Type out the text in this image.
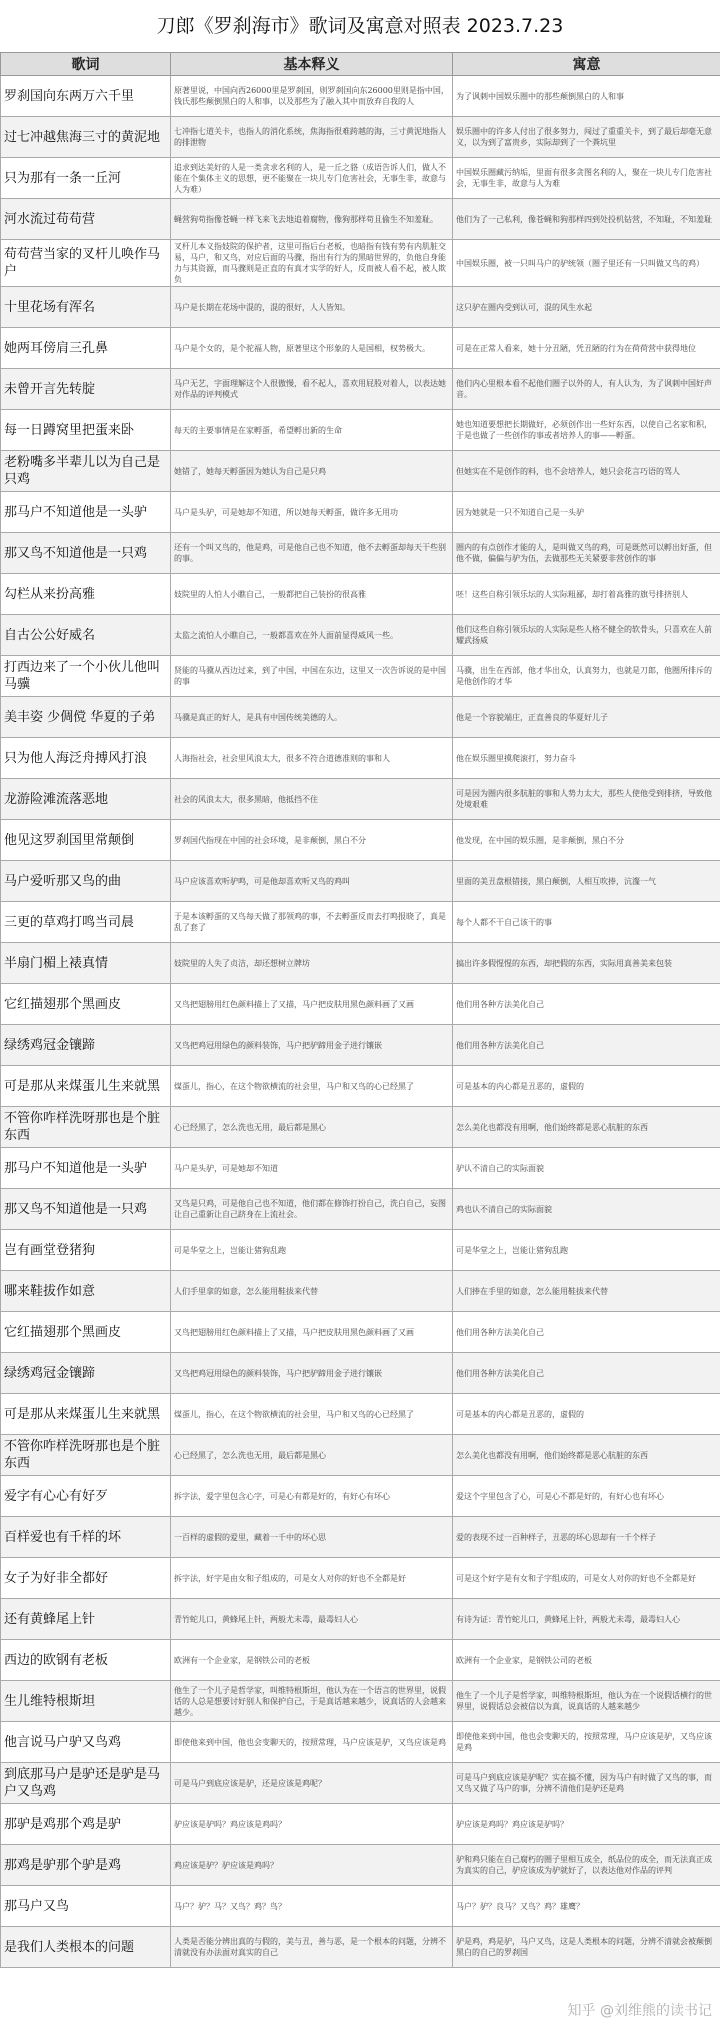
刀郎《罗刹海市》歌词及寓意对照表 2023.7.23
歌词	基本释义	寓意
罗刹国向东两万六千里	原著里说，中国向西26000里是罗刹国，则罗刹国向东26000里则是指中国，钱氏那些颠倒黑白的人和事，以及那些为了融入其中而放弃自我的人	为了讽刺中国娱乐圈中的那些颠倒黑白的人和事
过七冲越焦海三寸的黄泥地	七冲指七道关卡，也指人的消化系统，焦海指很难跨越的海，三寸黄泥地指人的排泄物	娱乐圈中的许多人付出了很多努力，闯过了重重关卡，到了最后却毫无意义，以为到了富贵乡，实际却到了一个粪坑里
只为那有一条一丘河	追求到达美好的人是一类贪求名利的人，是一丘之貉（成语告诉人们，做人不能在个集体主义的思想，更不能聚在一块儿专门危害社会，无事生非，故意与人为难）	中国娱乐圈藏污纳垢，里面有很多贪图名利的人，聚在一块儿专门危害社会，无事生非，故意与人为难
河水流过苟苟营	蝇营狗苟指像苍蝇一样飞来飞去地追着腐物，像狗那样苟且偷生不知羞耻。	他们为了一己私利，像苍蝇和狗那样四到处投机钻营，不知耻，不知羞耻
苟苟营当家的叉杆儿唤作马户	叉杆儿本义指妓院的保护者，这里可指后台老板，也暗指有钱有势有内肌脏交易，马户，和又鸟，对应后面的马骤，指出有行为的黑暗世界的，负他自身能力与其资源，而马骤则是正直的有真才实学的好人，反而被人看不起，被人欺负	中国娱乐圈，被一只叫马户的驴统领（圈子里还有一只叫做又鸟的鸡）
十里花场有浑名	马户是长期在花场中混的，混的很好，人人皆知。	这只驴在圈内受到认可，混的风生水起
她两耳傍肩三孔鼻	马户是个女的，是个驼福人物，原著里这个形象的人是国相，权势极大。	可是在正常人看来，她十分丑陋，凭丑陋的行为在荷荷营中获得地位
未曾开言先转腚	马户无艺，字面理解这个人很傲慢，看不起人，喜欢用屁股对着人，以表达她对作品的评判模式	他们内心里根本看不起他们圈子以外的人，有人认为，为了讽刺中国好声音。
每一日蹲窝里把蛋来卧	每天的主要事情是在家孵蛋，希望孵出新的生命	她也知道要想把长期做好，必须创作出一些好东西，以使自己名家和积，于是也做了一些创作的事或者培养人的事——孵蛋。
老粉嘴多半辈儿以为自己是只鸡	她错了，她每天孵蛋因为她认为自己是只鸡	但她实在不是创作的料，也不会培养人，她只会花言巧语的骂人
那马户不知道他是一头驴	马户是头驴，可是她却不知道，所以她每天孵蛋，做许多无用功	因为她就是一只不知道自己是一头驴
那又鸟不知道他是一只鸡	还有一个叫又鸟的，他是鸡，可是他自己也不知道，他不去孵蛋却每天干些别的事。	圈内的有点创作才能的人，是叫做又鸟的鸡，可是既然可以孵出好蛋，但他不做，偏偏与驴为伍，去做那些无关紧要非营创作的事
勾栏从来扮高雅	妓院里的人怕人小瞧自己，一般都把自己装扮的很高雅	呸！这些自称引领乐坛的人实际粗鄙，却打着高雅的旗号排挤别人
自古公公好威名	太监之流怕人小瞧自己，一般都喜欢在外人面前显得威风一些。	他们这些自称引领乐坛的人实际是些人格不健全的软骨头，只喜欢在人前耀武扬威
打西边来了一个小伙儿他叫马骥	贤能的马骥从西边过来，到了中国，中国在东边，这里又一次告诉说的是中国的事	马骥，出生在西部，他才华出众，认真努力，也就是刀郎，他圈所排斥的是他创作的才华
美丰姿 少倜傥 华夏的子弟	马骥是真正的好人，是具有中国传统美德的人。	他是一个容貌端庄，正直善良的华夏好儿子
只为他人海泛舟搏风打浪	人海指社会，社会里风浪太大，很多不符合道德准则的事和人	他在娱乐圈里摸爬滚打，努力奋斗
龙游险滩流落恶地	社会的风浪太大，很多黑暗，他抵挡不住	可是因为圈内很多肮脏的事和人势力太大，那些人使他受到排挤，导致他处境艰难
他见这罗刹国里常颠倒	罗刹国代指现在中国的社会环境，是非颠倒，黑白不分	他发现，在中国的娱乐圈，是非颠倒，黑白不分
马户爱听那又鸟的曲	马户应该喜欢听驴鸣，可是他却喜欢听又鸟的鸡叫	里面的美丑盘根错接，黑白颠倒，人相互吹捧，沆瀣一气
三更的草鸡打鸣当司晨	于是本该孵蛋的又鸟每天做了那领鸡的事，不去孵蛋反而去打鸣报晓了，真是乱了套了	每个人都不干自己该干的事
半扇门楣上裱真情	妓院里的人失了贞洁，却还想树立牌坊	搞出许多假惺惺的东西，却把假的东西，实际用真善美来包装
它红描翅那个黑画皮	又鸟把翅膀用红色颜料描上了又描，马户把皮肤用黑色颜料画了又画	他们用各种方法美化自己
绿绣鸡冠金镶蹄	又鸟把鸡冠用绿色的颜料装饰，马户把驴蹄用金子进行镶嵌	他们用各种方法美化自己
可是那从来煤蛋儿生来就黑	煤蛋儿，指心，在这个物欲横流的社会里，马户和又鸟的心已经黑了	可是基本的内心都是丑恶的，虚假的
不管你咋样洗呀那也是个脏东西	心已经黑了，怎么洗也无用，最后都是黑心	怎么美化也都没有用啊，他们始终都是恶心肮脏的东西
那马户不知道他是一头驴	马户是头驴，可是她却不知道	驴认不清自己的实际面貌
那又鸟不知道他是一只鸡	又鸟是只鸡，可是他自己也不知道，他们都在修饰打扮自己，洗白自己，妄图让自己重新让自己跻身在上流社会。	鸡也认不清自己的实际面貌
岂有画堂登猪狗	可是华堂之上，岂能让猪狗乱跑	可是华堂之上，岂能让猪狗乱跑
哪来鞋拔作如意	人们手里拿的如意，怎么能用鞋拔来代替	人们捧在手里的如意，怎么能用鞋拔来代替
它红描翅那个黑画皮	又鸟把翅膀用红色颜料描上了又描，马户把皮肤用黑色颜料画了又画	他们用各种方法美化自己
绿绣鸡冠金镶蹄	又鸟把鸡冠用绿色的颜料装饰，马户把驴蹄用金子进行镶嵌	他们用各种方法美化自己
可是那从来煤蛋儿生来就黑	煤蛋儿，指心，在这个物欲横流的社会里，马户和又鸟的心已经黑了	可是基本的内心都是丑恶的，虚假的
不管你咋样洗呀那也是个脏东西	心已经黑了，怎么洗也无用，最后都是黑心	怎么美化也都没有用啊，他们始终都是恶心肮脏的东西
爱字有心心有好歹	拆字法，爱字里包含心字，可是心有都是好的，有好心有坏心	爱这个字里包含了心，可是心不都是好的，有好心也有坏心
百样爱也有千样的坏	一百样的虚假的爱里，藏着一千中的坏心思	爱的表现不过一百种样子，丑恶的坏心思却有一千个样子
女子为好非全都好	拆字法，好字是由女和子组成的，可是女人对你的好也不全都是好	可是这个好字是有女和子字组成的，可是女人对你的好也不全都是好
还有黄蜂尾上针	青竹蛇儿口，黄蜂尾上针，两般尤未毒，最毒妇人心	有诗为证：青竹蛇儿口，黄蜂尾上针，两般尤未毒，最毒妇人心
西边的欧钢有老板	欧洲有一个企业家，是钢铁公司的老板	欧洲有一个企业家，是钢铁公司的老板
生儿维特根斯坦	他生了一个儿子是哲学家，叫维特根斯坦，他认为在一个语言的世界里，说假话的人总是想要讨好别人和保护自己，于是真话越来越少，说真话的人会越来越少。	他生了一个儿子是哲学家，叫维特根斯坦，他认为在一个说假话横行的世界里，说假话总会被信以为真，说真话的人越来越少
他言说马户驴又鸟鸡	即使他来到中国，他也会变聊天的，按照常理，马户应该是驴，又鸟应该是鸡	即使他来到中国，他也会变聊天的，按照常理，马户应该是驴，又鸟应该是鸡
到底那马户是驴还是驴是马户又鸟鸡	可是马户到底应该是驴，还是应该是鸡呢？	可是马户到底应该是驴呢？实在搞不懂，因为马户有时做了又鸟的事，而又鸟又做了马户的事，分辨不清他们是驴还是鸡
那驴是鸡那个鸡是驴	驴应该是驴吗？鸡应该是鸡吗？	驴应该是鸡吗？鸡应该是驴吗？
那鸡是驴那个驴是鸡	鸡应该是驴？驴应该是鸡吗？	驴和鸡只能在自己腐朽的圈子里相互成全，纸品位的成全，而无法真正成为真实的自己，驴应该成为驴就好了，以表达他对作品的评判
那马户又鸟	马户？驴？马？又鸟？鸡？鸟？	马户？驴？良马？又鸟？鸡？雄鹰？
是我们人类根本的问题	人类是否能分辨出真的与假的，美与丑，善与恶，是一个根本的问题，分辨不清就没有办法面对真实的自己	驴是鸡，鸡是驴，马户又鸟，这是人类根本的问题，分辨不清就会被颠倒黑白的自己的罗刹国
知乎 @刘维熊的读书记
